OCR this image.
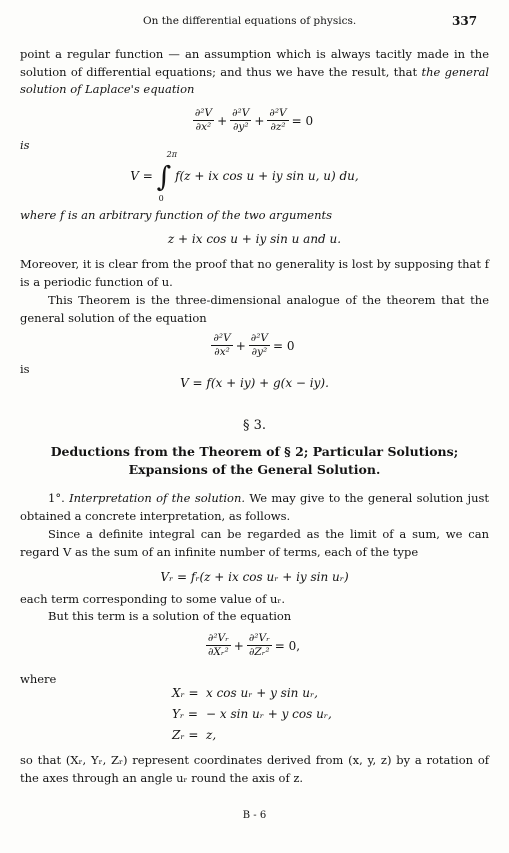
On the differential equations of physics.	337
point a regular function — an assumption which is always tacitly made in the solution of differential equations; and thus we have the result, that the general solution of Laplace's equation
$\frac{\text{∂²V}}{\text{∂x²}} + \frac{\text{∂²V}}{\text{∂y²}} + \frac{\text{∂²V}}{\text{∂z²}} = 0$
is
V = ∫
2π
0
f(z + ix cos u + iy sin u, u) du,
where f is an arbitrary function of the two arguments
z + ix cos u + iy sin u and u.
Moreover, it is clear from the proof that no generality is lost by supposing that f is a periodic function of u.
This Theorem is the three-dimensional analogue of the theorem that the general solution of the equation
$\frac{\text{∂²V}}{\text{∂x²}} + \frac{\text{∂²V}}{\text{∂y²}} = 0$
is
V = f(x + iy) + g(x − iy).
§ 3.
Deductions from the Theorem of § 2; Particular Solutions;
Expansions of the General Solution.
1°. Interpretation of the solution. We may give to the general solution just obtained a concrete interpretation, as follows.
Since a definite integral can be regarded as the limit of a sum, we can regard V as the sum of an infinite number of terms, each of the type
Vᵣ = fᵣ(z + ix cos uᵣ + iy sin uᵣ)
each term corresponding to some value of uᵣ.
But this term is a solution of the equation
$\frac{\text{∂²Vᵣ}}{\text{∂Xᵣ²}} + \frac{\text{∂²Vᵣ}}{\text{∂Zᵣ²}} = 0$,
where
Xᵣ = x cos uᵣ + y sin uᵣ,
Yᵣ = − x sin uᵣ + y cos uᵣ,
Zᵣ = z,
so that (Xᵣ, Yᵣ, Zᵣ) represent coordinates derived from (x, y, z) by a rotation of the axes through an angle uᵣ round the axis of z.
B - 6
